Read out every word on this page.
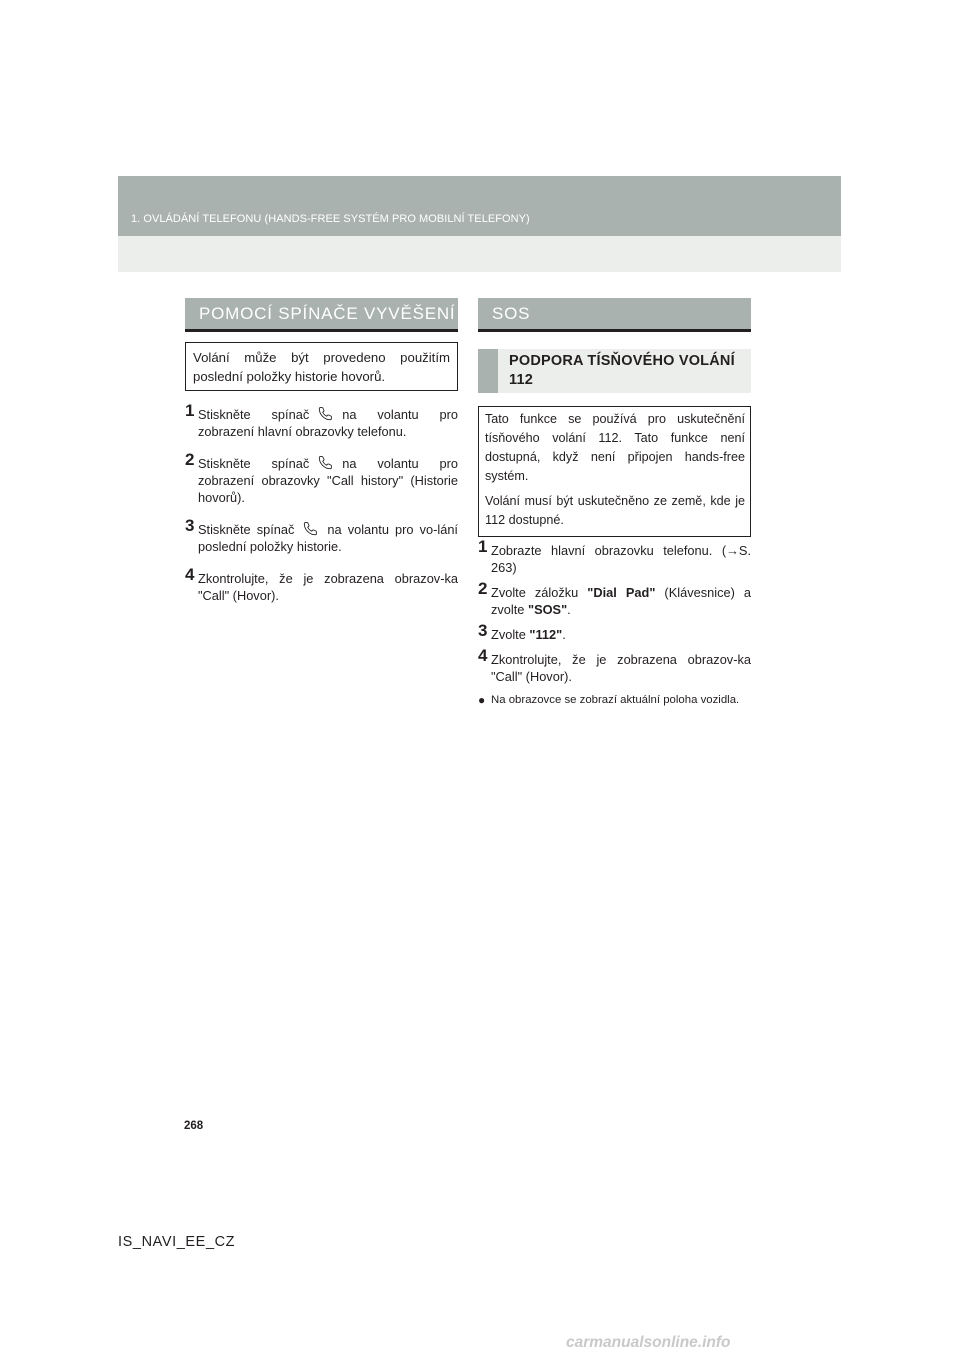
1. OVLÁDÁNÍ TELEFONU (HANDS-FREE SYSTÉM PRO MOBILNÍ TELEFONY)
POMOCÍ SPÍNAČE VYVĚŠENÍ
Volání může být provedeno použitím poslední položky historie hovorů.
1 Stiskněte spínač	na volantu pro zobrazení hlavní obrazovky telefonu.
2 Stiskněte spínač	na volantu pro zobrazení obrazovky "Call history" (Historie hovorů).
3 Stiskněte spínač	na volantu pro vo-lání poslední položky historie.
4 Zkontrolujte, že je zobrazena obrazov-ka "Call" (Hovor).
SOS
PODPORA TÍSŇOVÉHO VOLÁNÍ 112

Tato funkce se používá pro uskutečnění tísňového volání 112. Tato funkce není dostupná, když není připojen hands-free systém.

Volání musí být uskutečněno ze země, kde je 112 dostupné.

1 Zobrazte hlavní obrazovku telefonu. (→S. 263)
2 Zvolte záložku "Dial Pad" (Klávesnice) a zvolte "SOS".
3 Zvolte "112".
4 Zkontrolujte, že je zobrazena obrazov-ka "Call" (Hovor).
● Na obrazovce se zobrazí aktuální poloha vozidla.
268
IS_NAVI_EE_CZ
carmanualsonline.info
